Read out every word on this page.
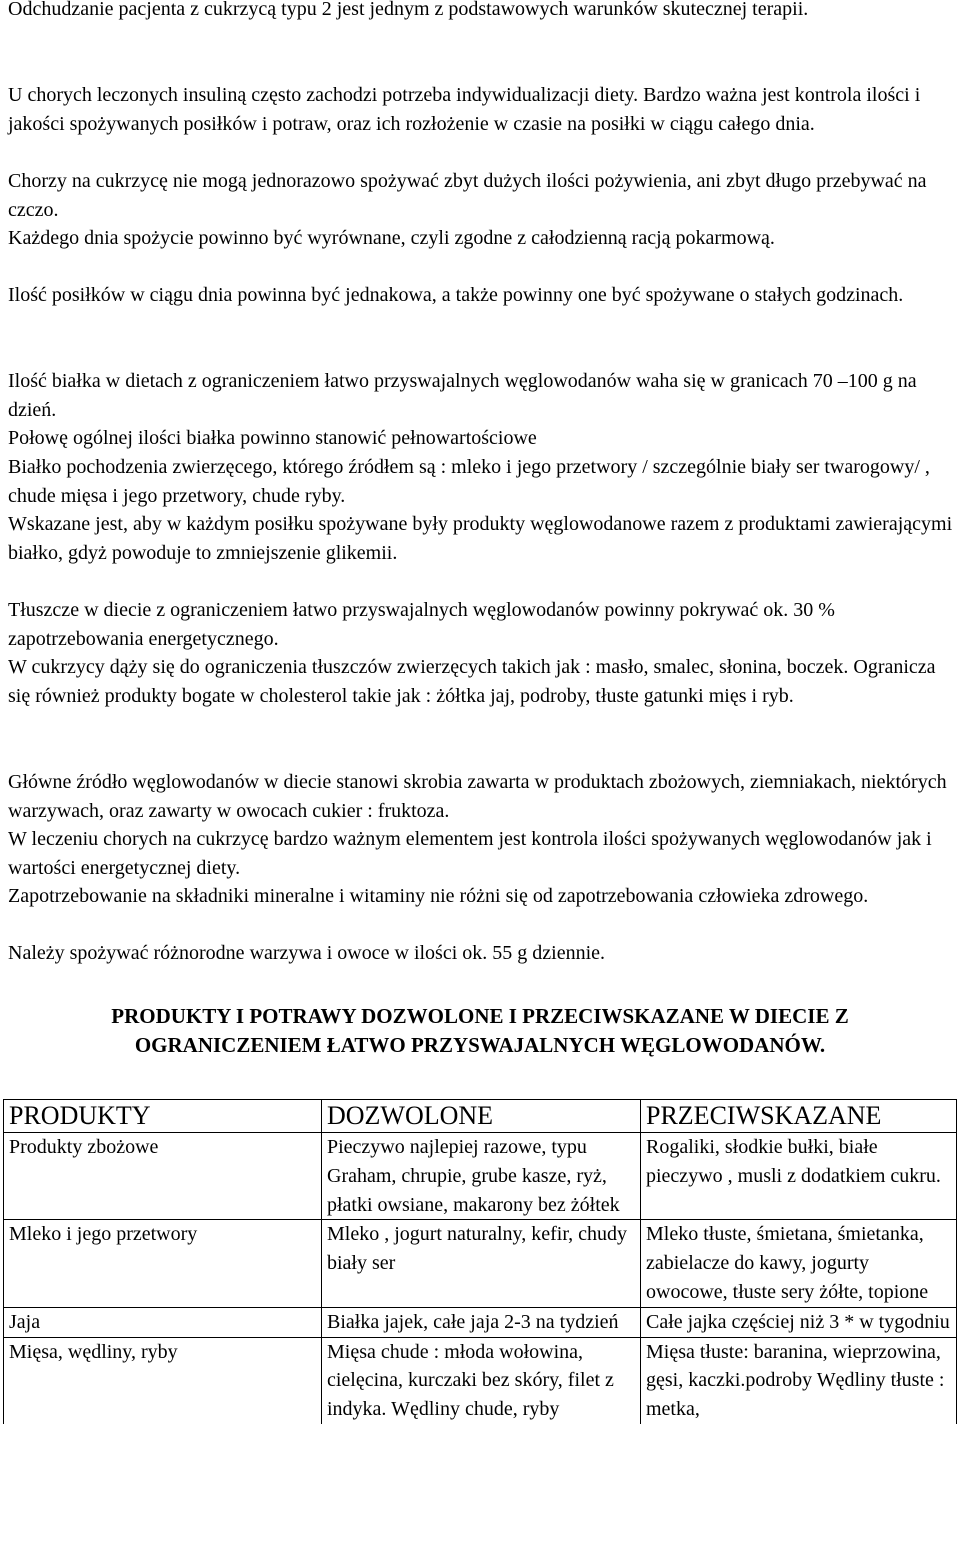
Odchudzanie pacjenta z cukrzycą typu 2 jest jednym z podstawowych warunków skutecznej terapii.

U chorych leczonych insuliną często zachodzi potrzeba indywidualizacji diety. Bardzo ważna jest kontrola ilości i jakości spożywanych posiłków i potraw, oraz ich rozłożenie w czasie na posiłki w ciągu całego dnia.

Chorzy na cukrzycę nie mogą jednorazowo spożywać zbyt dużych ilości pożywienia, ani zbyt długo przebywać na czczo.

Każdego dnia spożycie powinno być wyrównane, czyli zgodne z całodzienną racją pokarmową.

Ilość posiłków w ciągu dnia powinna być jednakowa, a także powinny one być spożywane o stałych godzinach.

Ilość białka w dietach z ograniczeniem łatwo przyswajalnych węglowodanów waha się w granicach 70 –100 g na dzień.

Połowę ogólnej ilości białka powinno stanowić pełnowartościowe

Białko pochodzenia zwierzęcego, którego źródłem są : mleko i jego przetwory / szczególnie biały ser twarogowy/ , chude mięsa i jego przetwory, chude ryby.

Wskazane jest, aby w każdym posiłku spożywane były produkty węglowodanowe razem z produktami zawierającymi białko, gdyż powoduje to zmniejszenie glikemii.

Tłuszcze w diecie z ograniczeniem łatwo przyswajalnych węglowodanów powinny pokrywać ok. 30 % zapotrzebowania energetycznego.

W cukrzycy dąży się do ograniczenia tłuszczów zwierzęcych takich jak : masło, smalec, słonina, boczek. Ogranicza się również produkty bogate w cholesterol takie jak : żółtka jaj, podroby, tłuste gatunki mięs i ryb.

Główne źródło węglowodanów w diecie stanowi skrobia zawarta w produktach zbożowych, ziemniakach, niektórych warzywach, oraz zawarty w owocach cukier : fruktoza.

W leczeniu chorych na cukrzycę bardzo ważnym elementem jest kontrola ilości spożywanych węglowodanów jak i wartości energetycznej diety.

Zapotrzebowanie na składniki mineralne i witaminy nie różni się od zapotrzebowania człowieka zdrowego.

Należy spożywać różnorodne warzywa i owoce w ilości ok. 55 g dziennie.

PRODUKTY I POTRAWY DOZWOLONE I PRZECIWSKAZANE W DIECIE Z
OGRANICZENIEM ŁATWO PRZYSWAJALNYCH WĘGLOWODANÓW.
PRODUKTY	DOZWOLONE	PRZECIWSKAZANE
Produkty zbożowe	Pieczywo najlepiej razowe, typu Graham, chrupie, grube kasze, ryż, płatki owsiane, makarony bez żółtek	Rogaliki, słodkie bułki, białe pieczywo , musli z dodatkiem cukru.
Mleko i jego przetwory	Mleko , jogurt naturalny, kefir, chudy biały ser	Mleko tłuste, śmietana, śmietanka, zabielacze do kawy, jogurty owocowe, tłuste sery żółte, topione
Jaja	Białka jajek, całe jaja 2-3 na tydzień	Całe jajka częściej niż 3 * w tygodniu
Mięsa, wędliny, ryby	Mięsa chude : młoda wołowina, cielęcina, kurczaki bez skóry, filet z indyka. Wędliny chude, ryby	Mięsa tłuste: baranina, wieprzowina, gęsi, kaczki.podroby Wędliny tłuste : metka,
